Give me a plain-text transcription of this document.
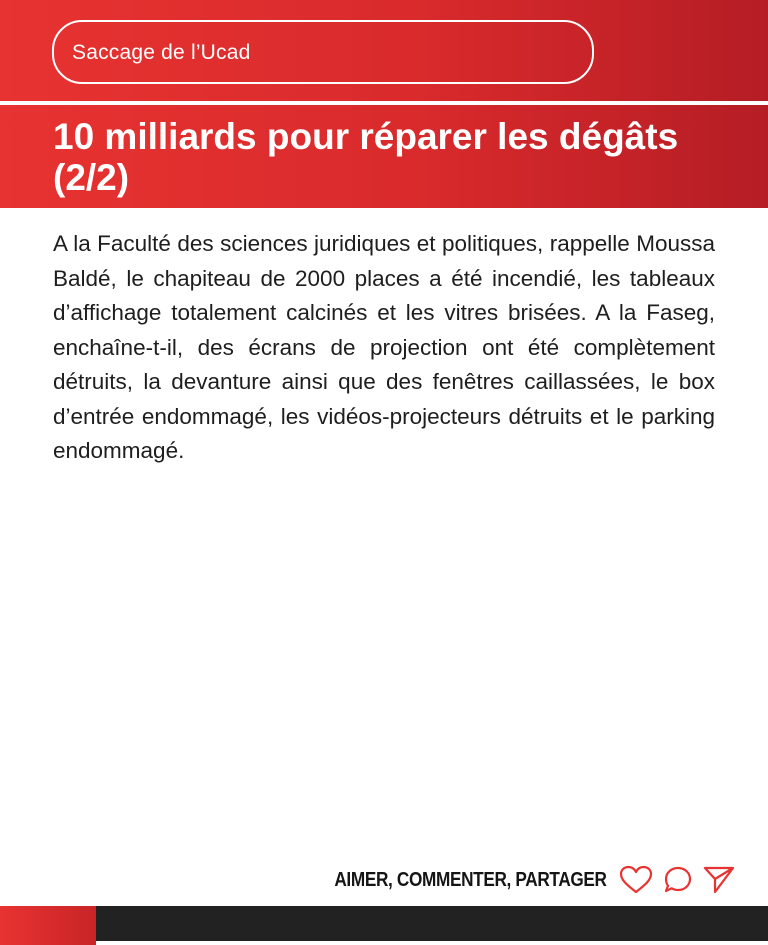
Saccage de l’Ucad
10 milliards pour réparer les dégâts (2/2)

A la Faculté des sciences juridiques et politiques, rappelle Moussa Baldé, le chapiteau de 2000 places a été incendié, les tableaux d’affichage totalement calcinés et les vitres brisées. A la Faseg, enchaîne-t-il, des écrans de projection ont été complètement détruits, la devanture ainsi que des fenêtres caillassées, le box d’entrée endommagé, les vidéos-projecteurs détruits et le parking endommagé.

AIMER, COMMENTER, PARTAGER
